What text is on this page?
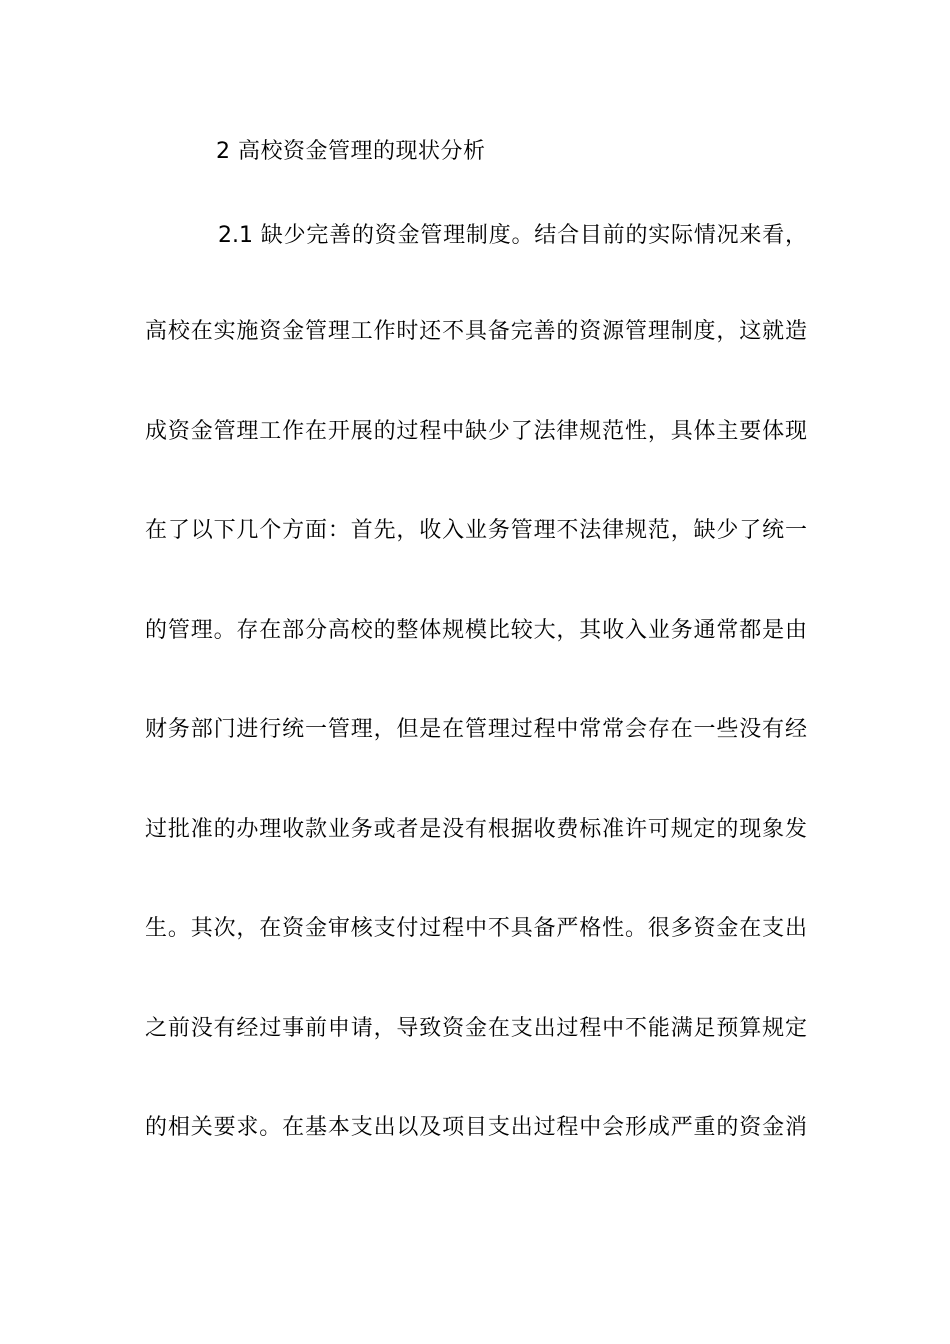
2 高校资金管理的现状分析
2.1 缺少完善的资金管理制度。结合目前的实际情况来看，
高校在实施资金管理工作时还不具备完善的资源管理制度，这就造
成资金管理工作在开展的过程中缺少了法律规范性，具体主要体现
在了以下几个方面：首先，收入业务管理不法律规范，缺少了统一
的管理。存在部分高校的整体规模比较大，其收入业务通常都是由
财务部门进行统一管理，但是在管理过程中常常会存在一些没有经
过批准的办理收款业务或者是没有根据收费标准许可规定的现象发
生。其次，在资金审核支付过程中不具备严格性。很多资金在支出
之前没有经过事前申请，导致资金在支出过程中不能满足预算规定
的相关要求。在基本支出以及项目支出过程中会形成严重的资金消
